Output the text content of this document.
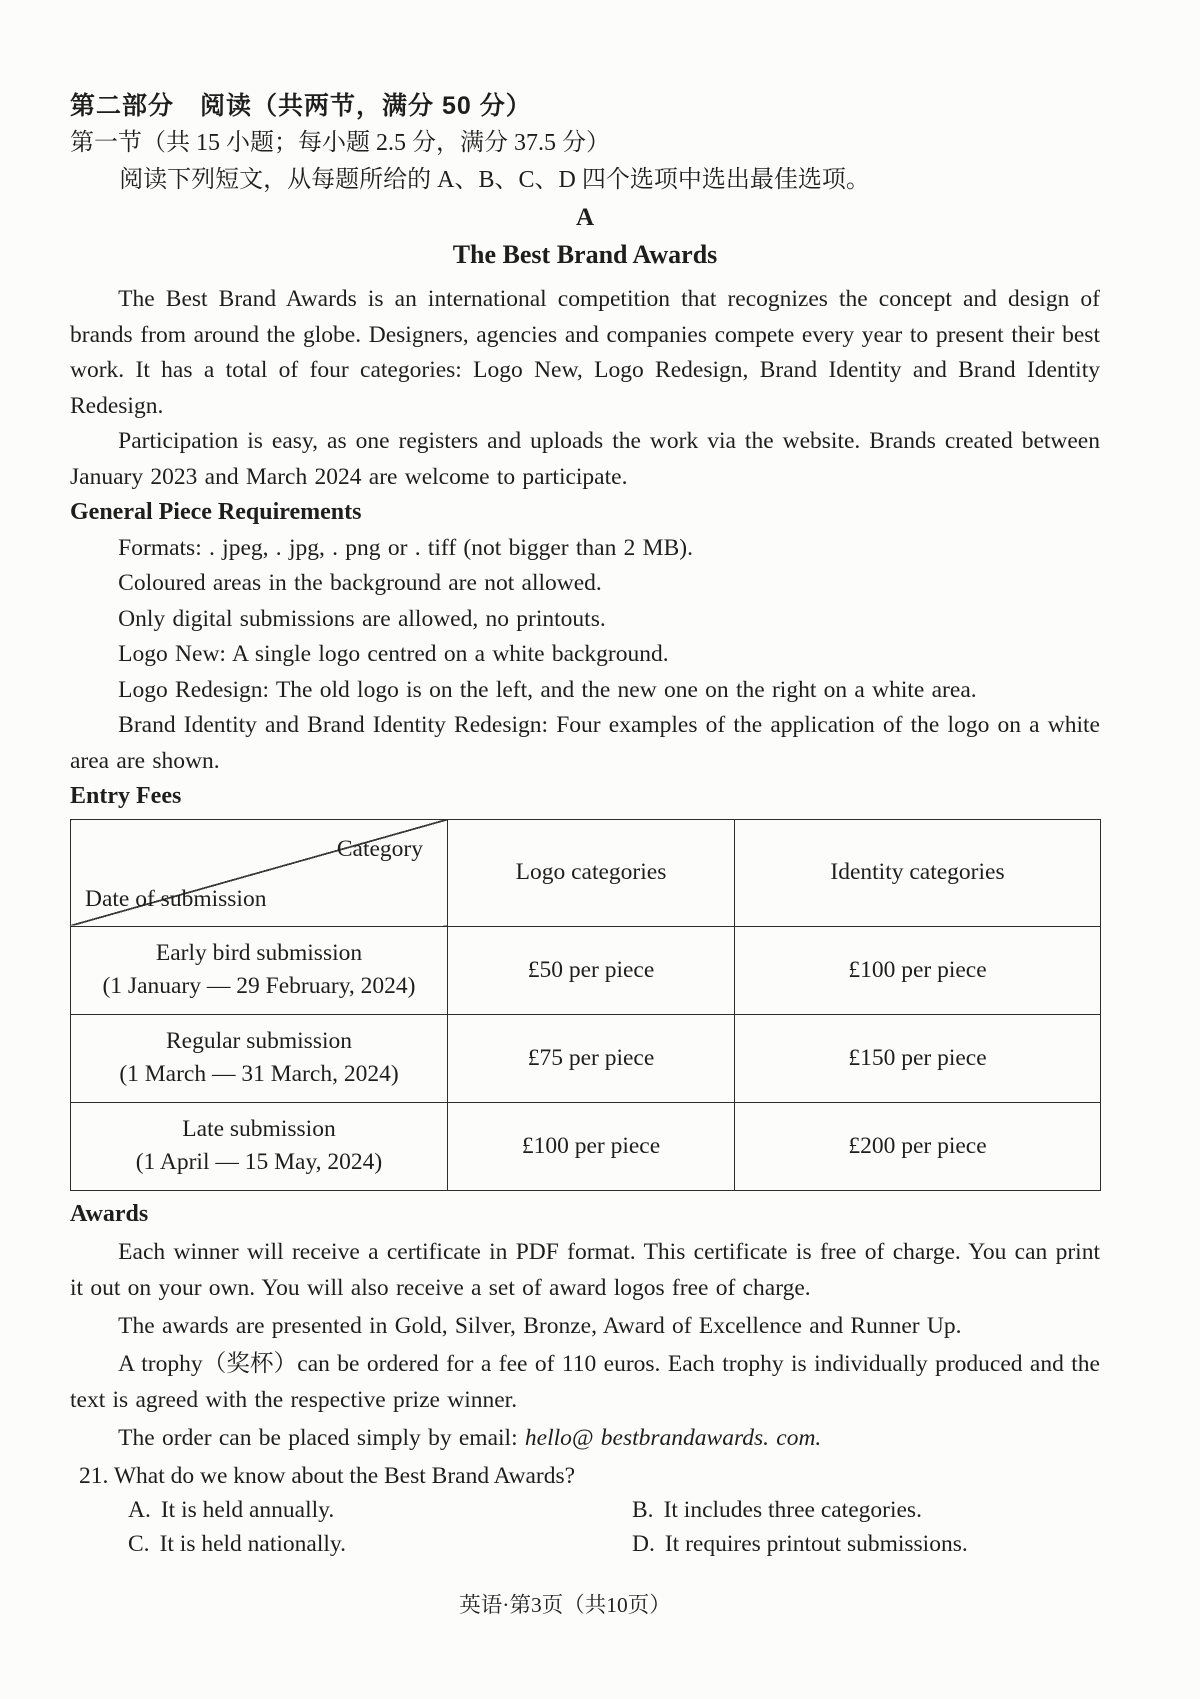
第二部分　阅读（共两节，满分 50 分）
第一节（共 15 小题；每小题 2.5 分，满分 37.5 分）
阅读下列短文，从每题所给的 A、B、C、D 四个选项中选出最佳选项。
A
The Best Brand Awards

The Best Brand Awards is an international competition that recognizes the concept and design of brands from around the globe. Designers, agencies and companies compete every year to present their best work. It has a total of four categories: Logo New, Logo Redesign, Brand Identity and Brand Identity Redesign.

Participation is easy, as one registers and uploads the work via the website. Brands created between January 2023 and March 2024 are welcome to participate.

General Piece Requirements

Formats: . jpeg, . jpg, . png or . tiff (not bigger than 2 MB).

Coloured areas in the background are not allowed.

Only digital submissions are allowed, no printouts.

Logo New: A single logo centred on a white background.

Logo Redesign: The old logo is on the left, and the new one on the right on a white area.

Brand Identity and Brand Identity Redesign: Four examples of the application of the logo on a white area are shown.

Entry Fees
Category
Date of submission	Logo categories	Identity categories

Early bird submission
(1 January — 29 February, 2024)	£50 per piece	£100 per piece

Regular submission
(1 March — 31 March, 2024)	£75 per piece	£150 per piece

Late submission
(1 April — 15 May, 2024)	£100 per piece	£200 per piece
Awards

Each winner will receive a certificate in PDF format. This certificate is free of charge. You can print it out on your own. You will also receive a set of award logos free of charge.

The awards are presented in Gold, Silver, Bronze, Award of Excellence and Runner Up.

A trophy（奖杯）can be ordered for a fee of 110 euros. Each trophy is individually produced and the text is agreed with the respective prize winner.

The order can be placed simply by email: hello@ bestbrandawards. com.

21. What do we know about the Best Brand Awards?

A. It is held annually.	B. It includes three categories.
C. It is held nationally.	D. It requires printout submissions.
英语·第3页（共10页）
